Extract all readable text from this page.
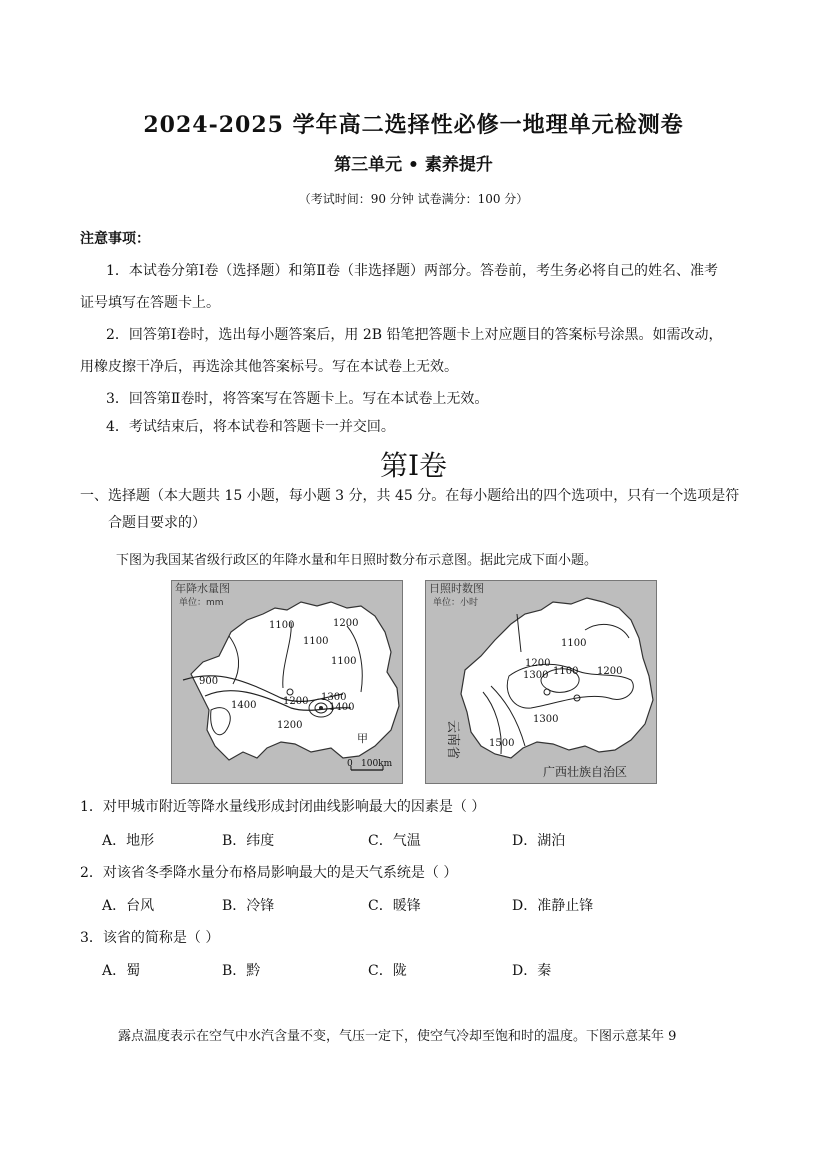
2024-2025 学年高二选择性必修一地理单元检测卷
第三单元 • 素养提升
（考试时间：90 分钟 试卷满分：100 分）
注意事项：
1．本试卷分第Ⅰ卷（选择题）和第Ⅱ卷（非选择题）两部分。答卷前，考生务必将自己的姓名、准考
证号填写在答题卡上。
2．回答第Ⅰ卷时，选出每小题答案后，用 2B 铅笔把答题卡上对应题目的答案标号涂黑。如需改动，
用橡皮擦干净后，再选涂其他答案标号。写在本试卷上无效。
3．回答第Ⅱ卷时，将答案写在答题卡上。写在本试卷上无效。
4．考试结束后，将本试卷和答题卡一并交回。
第Ⅰ卷
一、选择题（本大题共 15 小题，每小题 3 分，共 45 分。在每小题给出的四个选项中，只有一个选项是符
合题目要求的）
下图为我国某省级行政区的年降水量和年日照时数分布示意图。据此完成下面小题。
年降水量图
单位：mm
1100
1100
1200
1100
900
1200 1300
1400
1400
1200
甲
0 100km
日照时数图
单位：小时
1100
1200
1300 1100 1200
1300
1500
云南省
广西壮族自治区
1．对甲城市附近等降水量线形成封闭曲线影响最大的因素是（ ）
A．地形	B．纬度	C．气温	D．湖泊
2．对该省冬季降水量分布格局影响最大的是天气系统是（ ）
A．台风	B．冷锋	C．暖锋	D．准静止锋
3．该省的简称是（ ）
A．蜀	B．黔	C．陇	D．秦
露点温度表示在空气中水汽含量不变，气压一定下，使空气冷却至饱和时的温度。下图示意某年 9
